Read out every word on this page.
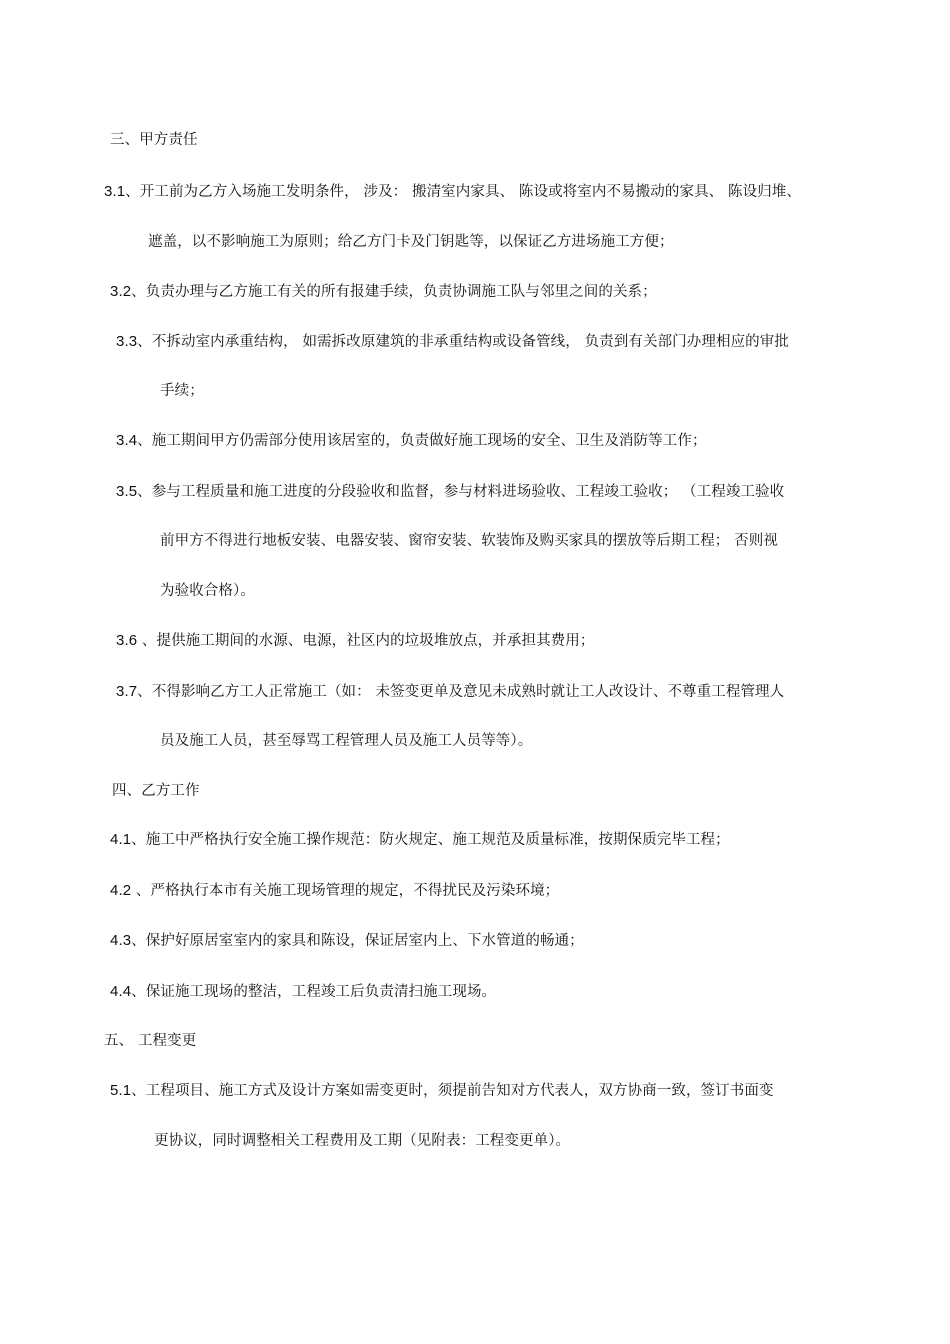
三、甲方责任
3.1、开工前为乙方入场施工发明条件， 涉及： 搬清室内家具、 陈设或将室内不易搬动的家具、 陈设归堆、
遮盖，以不影响施工为原则；给乙方门卡及门钥匙等，以保证乙方进场施工方便；
3.2、负责办理与乙方施工有关的所有报建手续，负责协调施工队与邻里之间的关系；
3.3、不拆动室内承重结构， 如需拆改原建筑的非承重结构或设备管线， 负责到有关部门办理相应的审批
手续；
3.4、施工期间甲方仍需部分使用该居室的，负责做好施工现场的安全、卫生及消防等工作；
3.5、参与工程质量和施工进度的分段验收和监督，参与材料进场验收、工程竣工验收； （工程竣工验收
前甲方不得进行地板安装、电器安装、窗帘安装、软装饰及购买家具的摆放等后期工程； 否则视
为验收合格）。
3.6 、提供施工期间的水源、电源，社区内的垃圾堆放点，并承担其费用；
3.7、不得影响乙方工人正常施工（如： 未签变更单及意见未成熟时就让工人改设计、不尊重工程管理人
员及施工人员，甚至辱骂工程管理人员及施工人员等等）。
四、乙方工作
4.1、施工中严格执行安全施工操作规范：防火规定、施工规范及质量标准，按期保质完毕工程；
4.2 、严格执行本市有关施工现场管理的规定，不得扰民及污染环境；
4.3、保护好原居室室内的家具和陈设，保证居室内上、下水管道的畅通；
4.4、保证施工现场的整洁，工程竣工后负责清扫施工现场。
五、 工程变更
5.1、工程项目、施工方式及设计方案如需变更时，须提前告知对方代表人，双方协商一致，签订书面变
更协议，同时调整相关工程费用及工期（见附表：工程变更单）。
